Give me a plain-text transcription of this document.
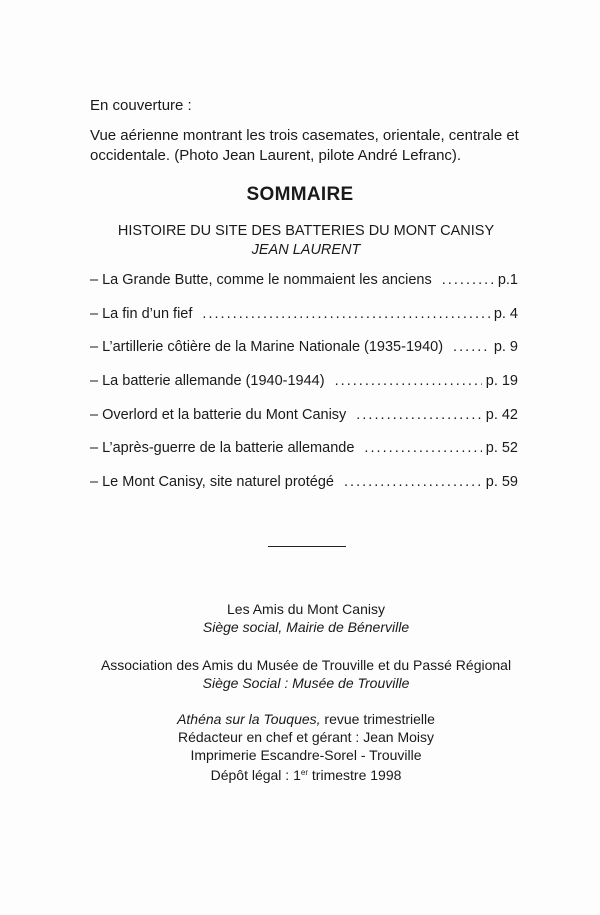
En couverture :

Vue aérienne montrant les trois casemates, orientale, centrale et occidentale. (Photo Jean Laurent, pilote André Lefranc).

SOMMAIRE
HISTOIRE DU SITE DES BATTERIES DU MONT CANISY
JEAN LAURENT
– La Grande Butte, comme le nommaient les anciens . . .	p.1
– La fin d’un fief . . .	p. 4
– L’artillerie côtière de la Marine Nationale (1935-1940) . . .	p. 9
– La batterie allemande (1940-1944) . . .	p. 19
– Overlord et la batterie du Mont Canisy . . .	p. 42
– L’après-guerre de la batterie allemande . . .	p. 52
– Le Mont Canisy, site naturel protégé . . .	p. 59

Les Amis du Mont Canisy

Siège social, Mairie de Bénerville

Association des Amis du Musée de Trouville et du Passé Régional

Siège Social : Musée de Trouville

Athéna sur la Touques, revue trimestrielle

Rédacteur en chef et gérant : Jean Moisy

Imprimerie Escandre-Sorel - Trouville

Dépôt légal : 1er trimestre 1998
